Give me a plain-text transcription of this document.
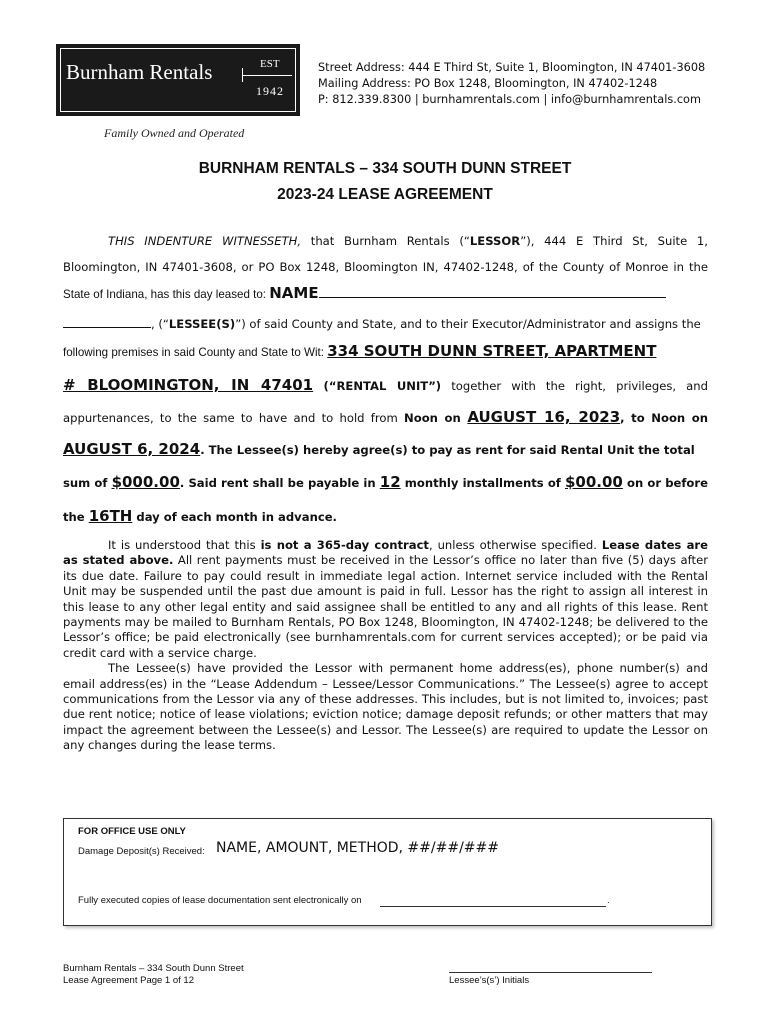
Burnham Rentals	EST
1942
Family Owned and Operated
Street Address: 444 E Third St, Suite 1, Bloomington, IN 47401-3608
Mailing Address: PO Box 1248, Bloomington, IN 47402-1248
P: 812.339.8300 | burnhamrentals.com | info@burnhamrentals.com
BURNHAM RENTALS – 334 SOUTH DUNN STREET
2023-24 LEASE AGREEMENT
THIS INDENTURE WITNESSETH, that Burnham Rentals (“LESSOR”), 444 E Third St, Suite 1,
Bloomington, IN 47401-3608, or PO Box 1248, Bloomington IN, 47402-1248, of the County of Monroe in the
State of Indiana, has this day leased to: NAME
, (“LESSEE(S)”) of said County and State, and to their Executor/Administrator and assigns the
following premises in said County and State to Wit: 334 SOUTH DUNN STREET, APARTMENT
# BLOOMINGTON, IN 47401 (“RENTAL UNIT”) together with the right, privileges, and
appurtenances, to the same to have and to hold from Noon on AUGUST 16, 2023, to Noon on
AUGUST 6, 2024. The Lessee(s) hereby agree(s) to pay as rent for said Rental Unit the total
sum of $000.00. Said rent shall be payable in 12 monthly installments of $00.00 on or before
the 16TH day of each month in advance.

It is understood that this is not a 365-day contract, unless otherwise specified. Lease dates are as stated above. All rent payments must be received in the Lessor’s office no later than five (5) days after its due date. Failure to pay could result in immediate legal action. Internet service included with the Rental Unit may be suspended until the past due amount is paid in full. Lessor has the right to assign all interest in this lease to any other legal entity and said assignee shall be entitled to any and all rights of this lease. Rent payments may be mailed to Burnham Rentals, PO Box 1248, Bloomington, IN 47402-1248; be delivered to the Lessor’s office; be paid electronically (see burnhamrentals.com for current services accepted); or be paid via credit card with a service charge.

The Lessee(s) have provided the Lessor with permanent home address(es), phone number(s) and email address(es) in the “Lease Addendum – Lessee/Lessor Communications.” The Lessee(s) agree to accept communications from the Lessor via any of these addresses. This includes, but is not limited to, invoices; past due rent notice; notice of lease violations; eviction notice; damage deposit refunds; or other matters that may impact the agreement between the Lessee(s) and Lessor. The Lessee(s) are required to update the Lessor on any changes during the lease terms.

FOR OFFICE USE ONLY
Damage Deposit(s) Received: NAME, AMOUNT, METHOD, ##/##/###
Fully executed copies of lease documentation sent electronically on	.
Burnham Rentals – 334 South Dunn Street
Lease Agreement Page 1 of 12	Lessee’s(s’) Initials
